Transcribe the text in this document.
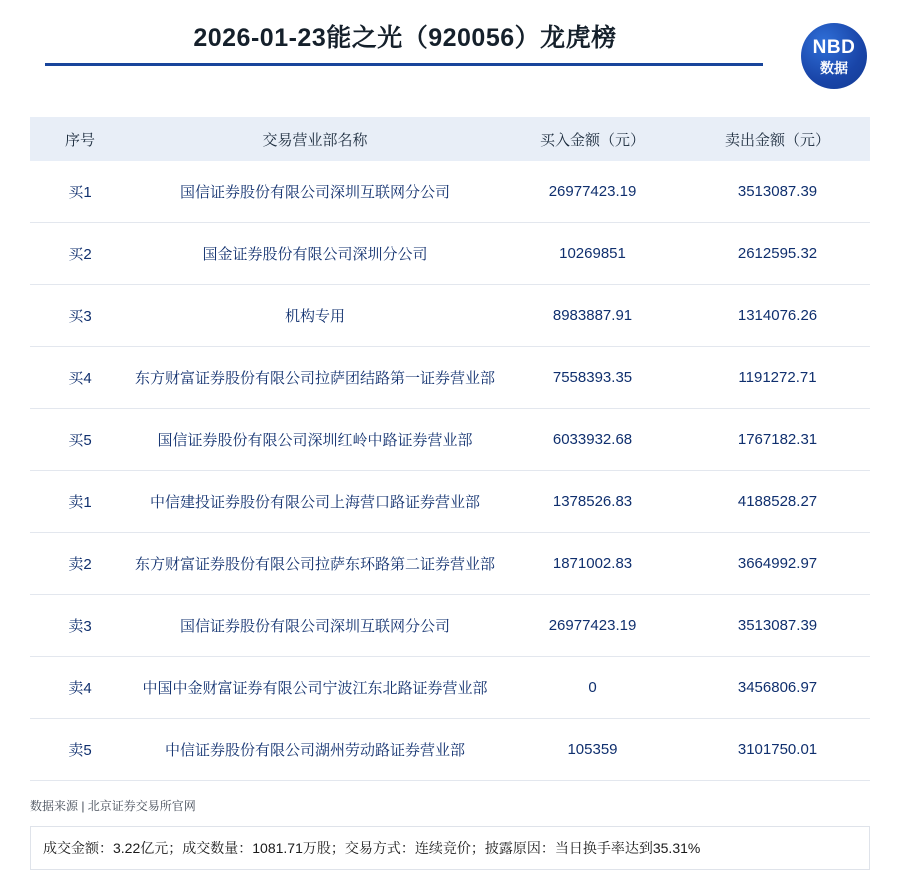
2026-01-23能之光（920056）龙虎榜	NBD
数据
序号	交易营业部名称	买入金额（元）	卖出金额（元）
买1	国信证券股份有限公司深圳互联网分公司	26977423.19	3513087.39
买2	国金证券股份有限公司深圳分公司	10269851	2612595.32
买3	机构专用	8983887.91	1314076.26
买4	东方财富证券股份有限公司拉萨团结路第一证券营业部	7558393.35	1191272.71
买5	国信证券股份有限公司深圳红岭中路证券营业部	6033932.68	1767182.31
卖1	中信建投证券股份有限公司上海营口路证券营业部	1378526.83	4188528.27
卖2	东方财富证券股份有限公司拉萨东环路第二证券营业部	1871002.83	3664992.97
卖3	国信证券股份有限公司深圳互联网分公司	26977423.19	3513087.39
卖4	中国中金财富证券有限公司宁波江东北路证券营业部	0	3456806.97
卖5	中信证券股份有限公司湖州劳动路证券营业部	105359	3101750.01
数据来源 | 北京证券交易所官网
成交金额：3.22亿元；成交数量：1081.71万股；交易方式：连续竞价；披露原因：当日换手率达到35.31%
